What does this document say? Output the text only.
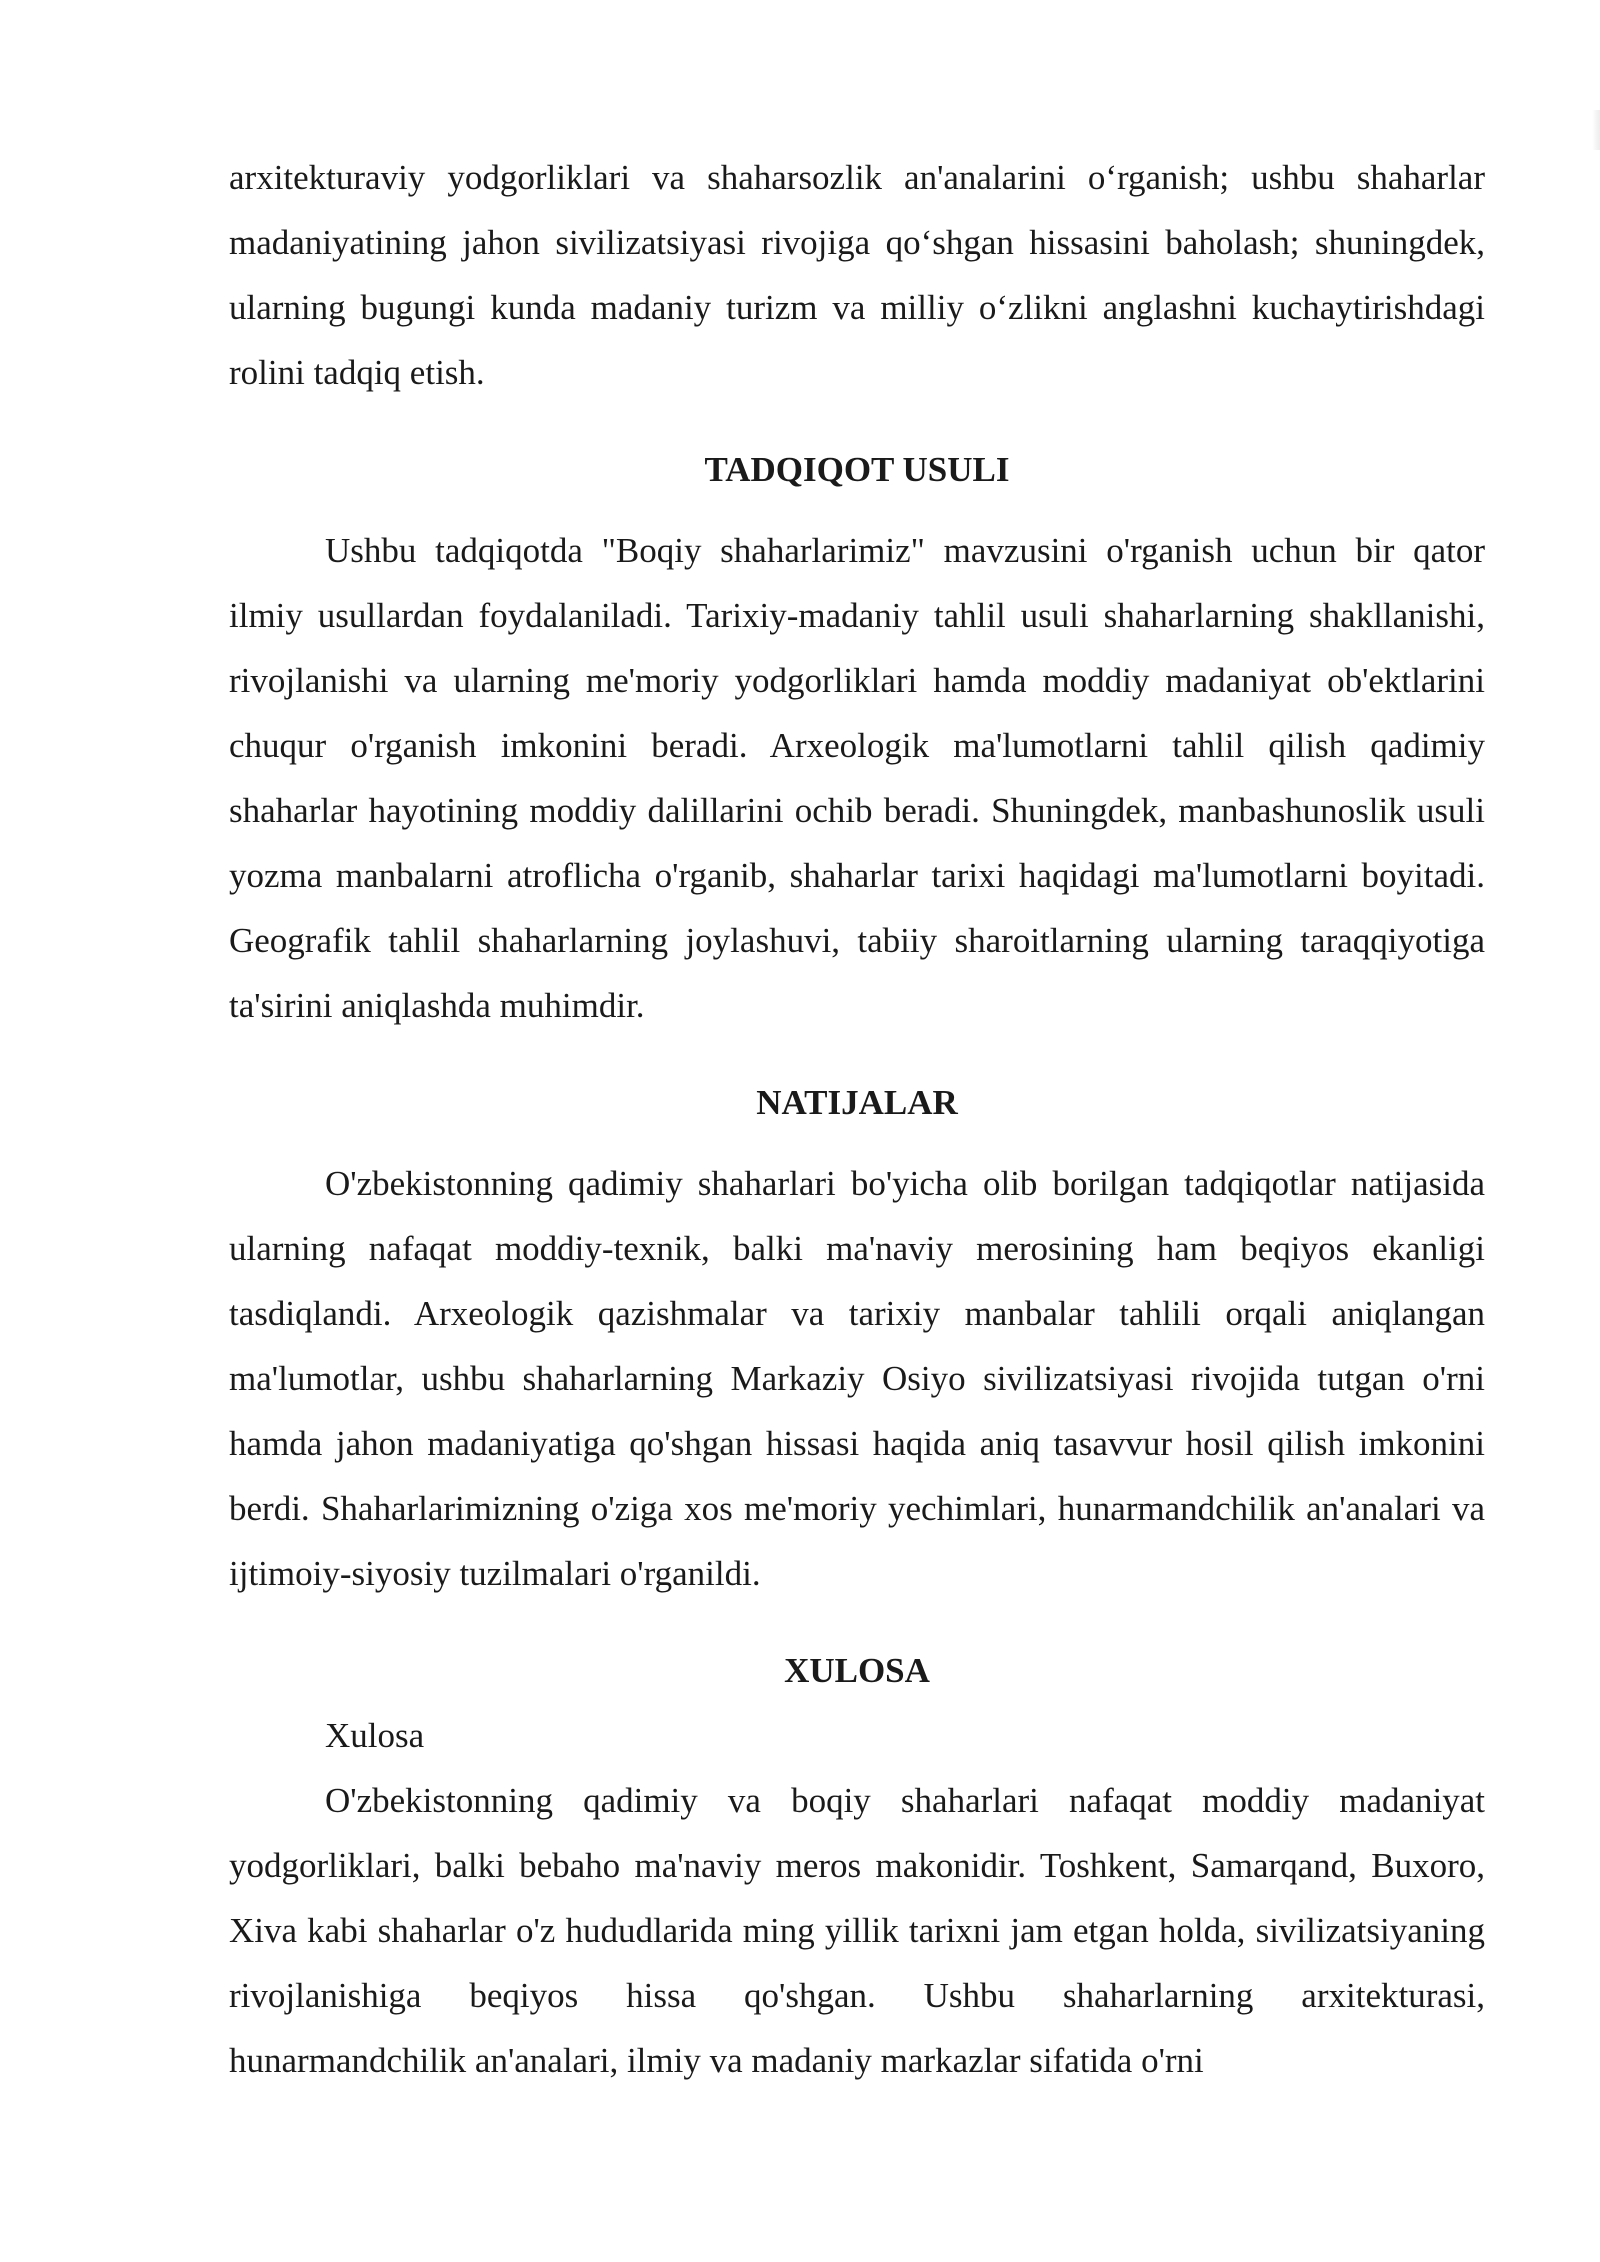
arxitekturaviy yodgorliklari va shaharsozlik an'analarini o‘rganish; ushbu shaharlar madaniyatining jahon sivilizatsiyasi rivojiga qo‘shgan hissasini baholash; shuningdek, ularning bugungi kunda madaniy turizm va milliy o‘zlikni anglashni kuchaytirishdagi rolini tadqiq etish.

TADQIQOT USULI

Ushbu tadqiqotda "Boqiy shaharlarimiz" mavzusini o'rganish uchun bir qator ilmiy usullardan foydalaniladi. Tarixiy-madaniy tahlil usuli shaharlarning shakllanishi, rivojlanishi va ularning me'moriy yodgorliklari hamda moddiy madaniyat ob'ektlarini chuqur o'rganish imkonini beradi. Arxeologik ma'lumotlarni tahlil qilish qadimiy shaharlar hayotining moddiy dalillarini ochib beradi. Shuningdek, manbashunoslik usuli yozma manbalarni atroflicha o'rganib, shaharlar tarixi haqidagi ma'lumotlarni boyitadi. Geografik tahlil shaharlarning joylashuvi, tabiiy sharoitlarning ularning taraqqiyotiga ta'sirini aniqlashda muhimdir.

NATIJALAR

O'zbekistonning qadimiy shaharlari bo'yicha olib borilgan tadqiqotlar natijasida ularning nafaqat moddiy-texnik, balki ma'naviy merosining ham beqiyos ekanligi tasdiqlandi. Arxeologik qazishmalar va tarixiy manbalar tahlili orqali aniqlangan ma'lumotlar, ushbu shaharlarning Markaziy Osiyo sivilizatsiyasi rivojida tutgan o'rni hamda jahon madaniyatiga qo'shgan hissasi haqida aniq tasavvur hosil qilish imkonini berdi. Shaharlarimizning o'ziga xos me'moriy yechimlari, hunarmandchilik an'analari va ijtimoiy-siyosiy tuzilmalari o'rganildi.

XULOSA

Xulosa

O'zbekistonning qadimiy va boqiy shaharlari nafaqat moddiy madaniyat yodgorliklari, balki bebaho ma'naviy meros makonidir. Toshkent, Samarqand, Buxoro, Xiva kabi shaharlar o'z hududlarida ming yillik tarixni jam etgan holda, sivilizatsiyaning rivojlanishiga beqiyos hissa qo'shgan. Ushbu shaharlarning arxitekturasi, hunarmandchilik an'analari, ilmiy va madaniy markazlar sifatida o'rni
